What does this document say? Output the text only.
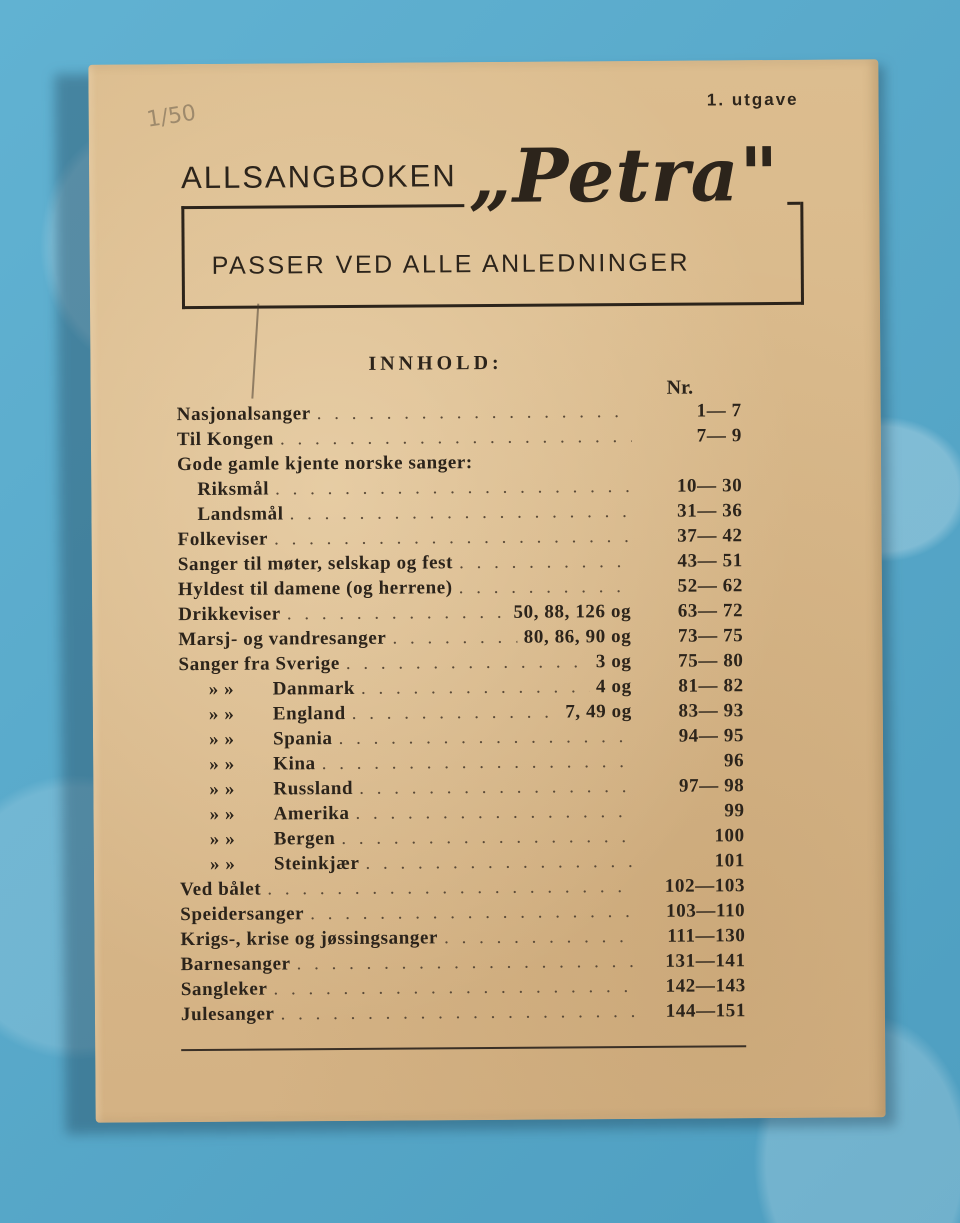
1/50
1. utgave
ALLSANGBOKEN „Petra"
PASSER VED ALLE ANLEDNINGER
INNHOLD:
Nr.
Nasjonalsanger . . .	1— 7
Til Kongen . . .	7— 9
Gode gamle kjente norske sanger:
Riksmål . . .	10— 30
Landsmål . . .	31— 36
Folkeviser . . .	37— 42
Sanger til møter, selskap og fest . . .	43— 51
Hyldest til damene (og herrene) . . .	52— 62
Drikkeviser . . .	50, 88, 126 og	63— 72
Marsj- og vandresanger . . .	80, 86, 90 og	73— 75
Sanger fra Sverige . . .	3 og	75— 80
» » Danmark . . .	4 og	81— 82
» » England . . .	7, 49 og	83— 93
» » Spania . . .	94— 95
» » Kina . . .	96
» » Russland . . .	97— 98
» » Amerika . . .	99
» » Bergen . . .	100
» » Steinkjær . . .	101
Ved bålet . . .	102—103
Speidersanger . . .	103—110
Krigs-, krise og jøssingsanger . . .	111—130
Barnesanger . . .	131—141
Sangleker . . .	142—143
Julesanger . . .	144—151
